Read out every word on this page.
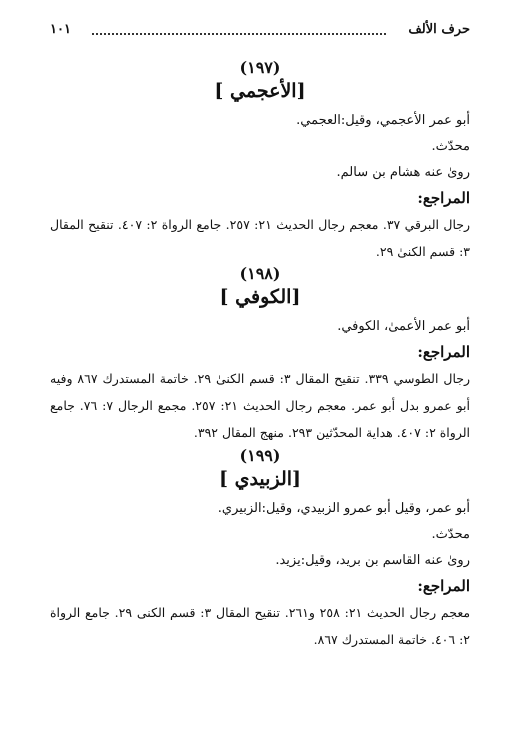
حرف الألف
١٠١

(١٩٧)

[الأعجمي ]

أبو عمر الأعجمي، وقيل:العجمي.

محدّث.

روىٰ عنه هشام بن سالم.

المراجع:

رجال البرقي ٣٧. معجم رجال الحديث ٢١: ٢٥٧. جامع الرواة ٢: ٤٠٧. تنقيح المقال ٣: قسم الكنىٰ ٢٩.

(١٩٨)

[الكوفي ]

أبو عمر الأعمىٰ، الكوفي.

المراجع:

رجال الطوسي ٣٣٩. تنقيح المقال ٣: قسم الكنىٰ ٢٩. خاتمة المستدرك ٨٦٧ وفيه أبو عمرو بدل أبو عمر. معجم رجال الحديث ٢١: ٢٥٧. مجمع الرجال ٧: ٧٦. جامع الرواة ٢: ٤٠٧. هداية المحدّثين ٢٩٣. منهج المقال ٣٩٢.

(١٩٩)

[الزبيدي ]

أبو عمر، وقيل أبو عمرو الزبيدي، وقيل:الزبيري.

محدّث.

روىٰ عنه القاسم بن بريد، وقيل:يزيد.

المراجع:

معجم رجال الحديث ٢١: ٢٥٨ و٢٦١. تنقيح المقال ٣: قسم الكنى ٢٩. جامع الرواة ٢: ٤٠٦. خاتمة المستدرك ٨٦٧.
